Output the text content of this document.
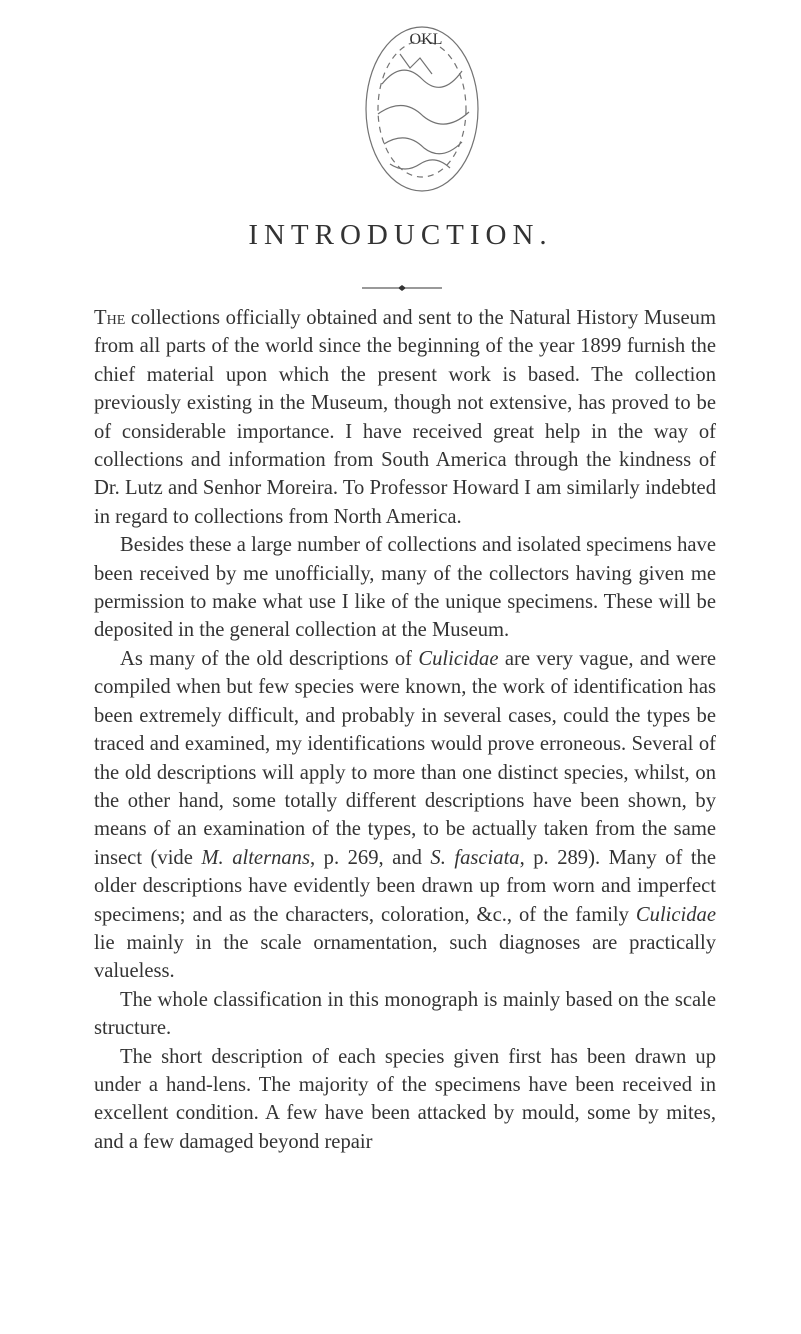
OKL
INTRODUCTION.

The collections officially obtained and sent to the Natural History Museum from all parts of the world since the beginning of the year 1899 furnish the chief material upon which the present work is based. The collection previously existing in the Museum, though not extensive, has proved to be of considerable importance. I have received great help in the way of collections and information from South America through the kindness of Dr. Lutz and Senhor Moreira. To Professor Howard I am similarly indebted in regard to collections from North America.

Besides these a large number of collections and isolated specimens have been received by me unofficially, many of the collectors having given me permission to make what use I like of the unique specimens. These will be deposited in the general collection at the Museum.

As many of the old descriptions of Culicidae are very vague, and were compiled when but few species were known, the work of identification has been extremely difficult, and probably in several cases, could the types be traced and examined, my identifications would prove erroneous. Several of the old descriptions will apply to more than one distinct species, whilst, on the other hand, some totally different descriptions have been shown, by means of an examination of the types, to be actually taken from the same insect (vide M. alternans, p. 269, and S. fasciata, p. 289). Many of the older descriptions have evidently been drawn up from worn and imperfect specimens; and as the characters, coloration, &c., of the family Culicidae lie mainly in the scale ornamentation, such diagnoses are practically valueless.

The whole classification in this monograph is mainly based on the scale structure.

The short description of each species given first has been drawn up under a hand-lens. The majority of the specimens have been received in excellent condition. A few have been attacked by mould, some by mites, and a few damaged beyond repair
